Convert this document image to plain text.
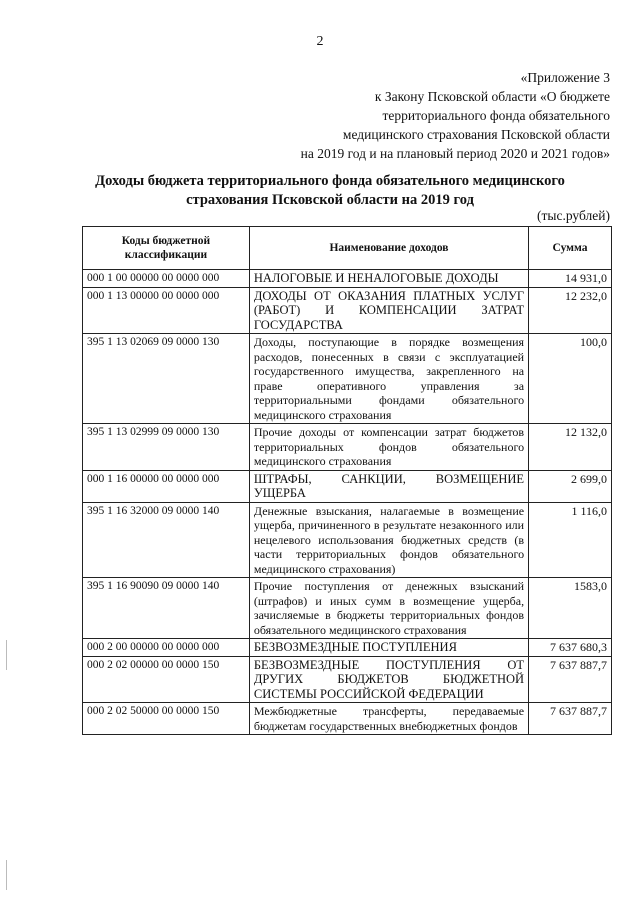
2
«Приложение 3
к Закону Псковской области «О бюджете
территориального фонда обязательного
медицинского страхования Псковской области
на 2019 год и на плановый период 2020 и 2021 годов»
Доходы бюджета территориального фонда обязательного медицинского
страхования Псковской области на 2019 год
(тыс.рублей)
Коды бюджетной классификации	Наименование доходов	Сумма
000 1 00 00000 00 0000 000	НАЛОГОВЫЕ И НЕНАЛОГОВЫЕ ДОХОДЫ	14 931,0
000 1 13 00000 00 0000 000	ДОХОДЫ ОТ ОКАЗАНИЯ ПЛАТНЫХ УСЛУГ (РАБОТ) И КОМПЕНСАЦИИ ЗАТРАТ ГОСУДАРСТВА	12 232,0
395 1 13 02069 09 0000 130	Доходы, поступающие в порядке возмещения расходов, понесенных в связи с эксплуатацией государственного имущества, закрепленного на праве оперативного управления за территориальными фондами обязательного медицинского страхования	100,0
395 1 13 02999 09 0000 130	Прочие доходы от компенсации затрат бюджетов территориальных фондов обязательного медицинского страхования	12 132,0
000 1 16 00000 00 0000 000	ШТРАФЫ, САНКЦИИ, ВОЗМЕЩЕНИЕ УЩЕРБА	2 699,0
395 1 16 32000 09 0000 140	Денежные взыскания, налагаемые в возмещение ущерба, причиненного в результате незаконного или нецелевого использования бюджетных средств (в части территориальных фондов обязательного медицинского страхования)	1 116,0
395 1 16 90090 09 0000 140	Прочие поступления от денежных взысканий (штрафов) и иных сумм в возмещение ущерба, зачисляемые в бюджеты территориальных фондов обязательного медицинского страхования	1583,0
000 2 00 00000 00 0000 000	БЕЗВОЗМЕЗДНЫЕ ПОСТУПЛЕНИЯ	7 637 680,3
000 2 02 00000 00 0000 150	БЕЗВОЗМЕЗДНЫЕ ПОСТУПЛЕНИЯ ОТ ДРУГИХ БЮДЖЕТОВ БЮДЖЕТНОЙ СИСТЕМЫ РОССИЙСКОЙ ФЕДЕРАЦИИ	7 637 887,7
000 2 02 50000 00 0000 150	Межбюджетные трансферты, передаваемые бюджетам государственных внебюджетных фондов	7 637 887,7
